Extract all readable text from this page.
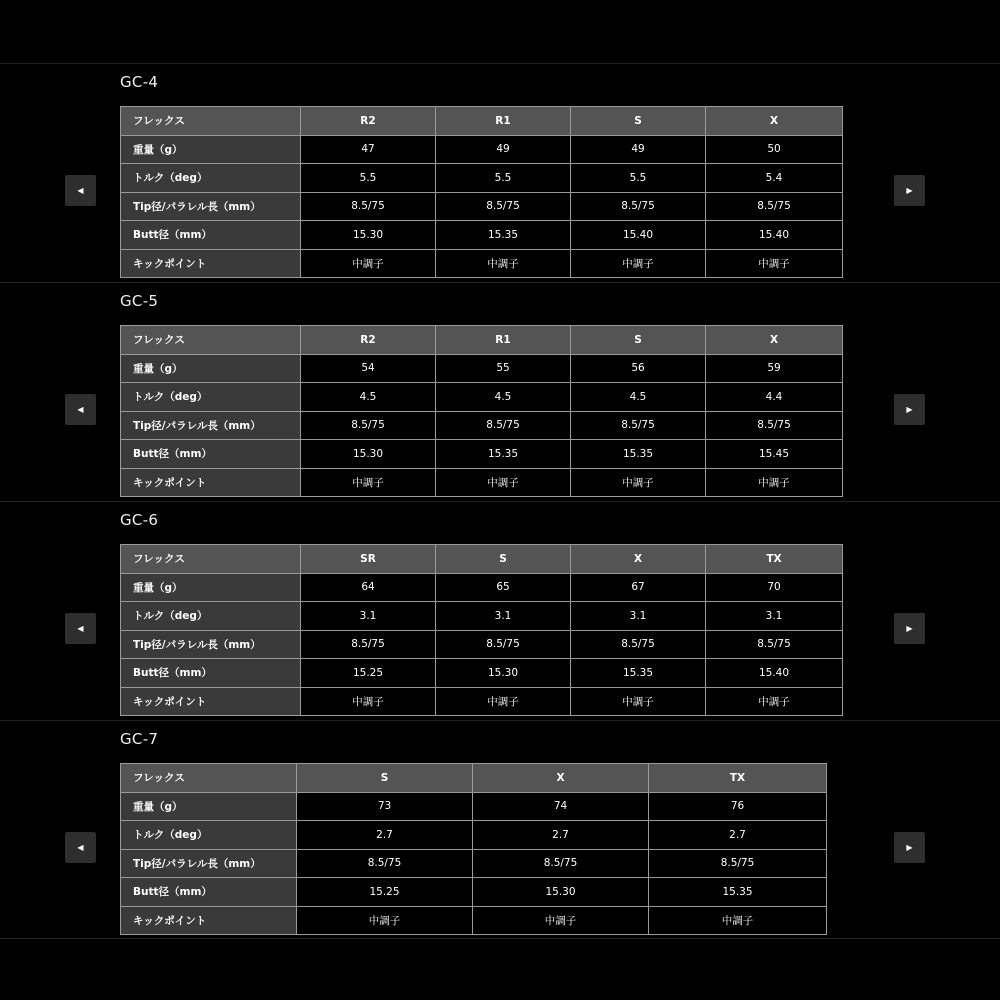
GC-4
◀	▶
フレックス	R2	R1	S	X
重量（g）	47	49	49	50
トルク（deg）	5.5	5.5	5.5	5.4
Tip径/パラレル長（mm）	8.5/75	8.5/75	8.5/75	8.5/75
Butt径（mm）	15.30	15.35	15.40	15.40
キックポイント	中調子	中調子	中調子	中調子
GC-5
◀	▶
フレックス	R2	R1	S	X
重量（g）	54	55	56	59
トルク（deg）	4.5	4.5	4.5	4.4
Tip径/パラレル長（mm）	8.5/75	8.5/75	8.5/75	8.5/75
Butt径（mm）	15.30	15.35	15.35	15.45
キックポイント	中調子	中調子	中調子	中調子
GC-6
◀	▶
フレックス	SR	S	X	TX
重量（g）	64	65	67	70
トルク（deg）	3.1	3.1	3.1	3.1
Tip径/パラレル長（mm）	8.5/75	8.5/75	8.5/75	8.5/75
Butt径（mm）	15.25	15.30	15.35	15.40
キックポイント	中調子	中調子	中調子	中調子
GC-7
◀	▶
フレックス	S	X	TX
重量（g）	73	74	76
トルク（deg）	2.7	2.7	2.7
Tip径/パラレル長（mm）	8.5/75	8.5/75	8.5/75
Butt径（mm）	15.25	15.30	15.35
キックポイント	中調子	中調子	中調子
